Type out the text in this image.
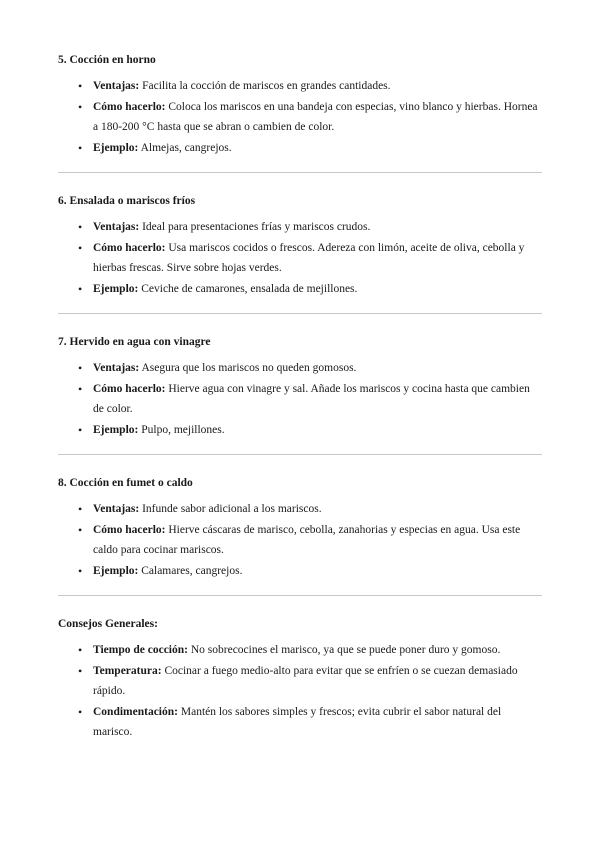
5. Cocción en horno
• Ventajas: Facilita la cocción de mariscos en grandes cantidades.
• Cómo hacerlo: Coloca los mariscos en una bandeja con especias, vino blanco y hierbas. Hornea a 180-200 °C hasta que se abran o cambien de color.
• Ejemplo: Almejas, cangrejos.
6. Ensalada o mariscos fríos
• Ventajas: Ideal para presentaciones frías y mariscos crudos.
• Cómo hacerlo: Usa mariscos cocidos o frescos. Adereza con limón, aceite de oliva, cebolla y hierbas frescas. Sirve sobre hojas verdes.
• Ejemplo: Ceviche de camarones, ensalada de mejillones.
7. Hervido en agua con vinagre
• Ventajas: Asegura que los mariscos no queden gomosos.
• Cómo hacerlo: Hierve agua con vinagre y sal. Añade los mariscos y cocina hasta que cambien de color.
• Ejemplo: Pulpo, mejillones.
8. Cocción en fumet o caldo
• Ventajas: Infunde sabor adicional a los mariscos.
• Cómo hacerlo: Hierve cáscaras de marisco, cebolla, zanahorias y especias en agua. Usa este caldo para cocinar mariscos.
• Ejemplo: Calamares, cangrejos.
Consejos Generales:
• Tiempo de cocción: No sobrecocines el marisco, ya que se puede poner duro y gomoso.
• Temperatura: Cocinar a fuego medio-alto para evitar que se enfríen o se cuezan demasiado rápido.
• Condimentación: Mantén los sabores simples y frescos; evita cubrir el sabor natural del marisco.
